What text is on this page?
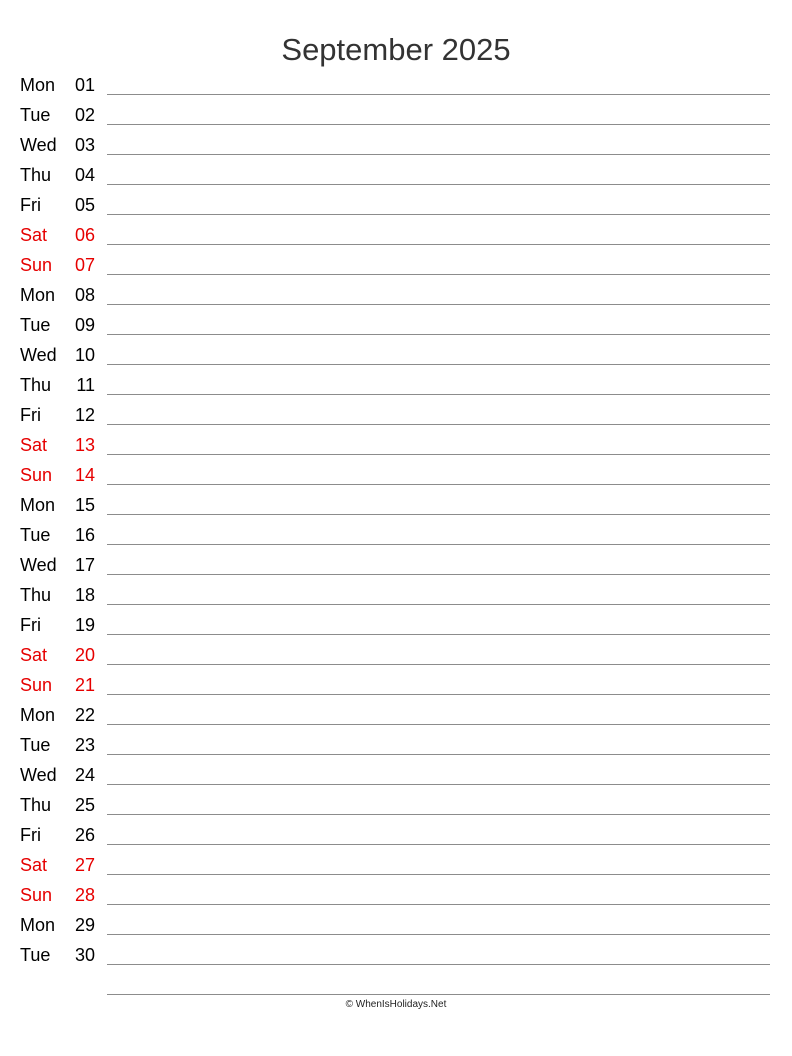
September 2025
Mon	01
Tue	02
Wed	03
Thu	04
Fri	05
Sat	06
Sun	07
Mon	08
Tue	09
Wed	10
Thu	11
Fri	12
Sat	13
Sun	14
Mon	15
Tue	16
Wed	17
Thu	18
Fri	19
Sat	20
Sun	21
Mon	22
Tue	23
Wed	24
Thu	25
Fri	26
Sat	27
Sun	28
Mon	29
Tue	30
© WhenIsHolidays.Net
